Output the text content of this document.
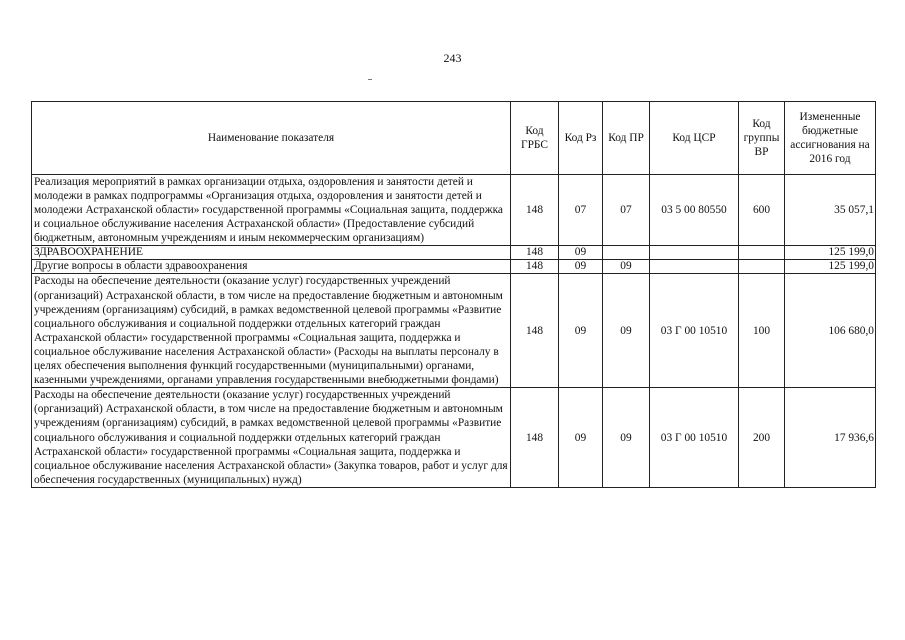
243
Наименование показателя	Код ГРБС	Код Рз	Код ПР	Код ЦСР	Код группы ВР	Измененные бюджетные ассигнования на 2016 год
Реализация мероприятий в рамках организации отдыха, оздоровления и занятости детей и молодежи в рамках подпрограммы «Организация отдыха, оздоровления и занятости детей и молодежи Астраханской области» государственной программы «Социальная защита, поддержка и социальное обслуживание населения Астраханской области» (Предоставление субсидий бюджетным, автономным учреждениям и иным некоммерческим организациям)	148	07	07	03 5 00 80550	600	35 057,1
ЗДРАВООХРАНЕНИЕ	148	09				125 199,0
Другие вопросы в области здравоохранения	148	09	09			125 199,0
Расходы на обеспечение деятельности (оказание услуг) государственных учреждений (организаций) Астраханской области, в том числе на предоставление бюджетным и автономным учреждениям (организациям) субсидий, в рамках ведомственной целевой программы «Развитие социального обслуживания и социальной поддержки отдельных категорий граждан Астраханской области» государственной программы «Социальная защита, поддержка и социальное обслуживание населения Астраханской области» (Расходы на выплаты персоналу в целях обеспечения выполнения функций государственными (муниципальными) органами, казенными учреждениями, органами управления государственными внебюджетными фондами)	148	09	09	03 Г 00 10510	100	106 680,0
Расходы на обеспечение деятельности (оказание услуг) государственных учреждений (организаций) Астраханской области, в том числе на предоставление бюджетным и автономным учреждениям (организациям) субсидий, в рамках ведомственной целевой программы «Развитие социального обслуживания и социальной поддержки отдельных категорий граждан Астраханской области» государственной программы «Социальная защита, поддержка и социальное обслуживание населения Астраханской области» (Закупка товаров, работ и услуг для обеспечения государственных (муниципальных) нужд)	148	09	09	03 Г 00 10510	200	17 936,6
